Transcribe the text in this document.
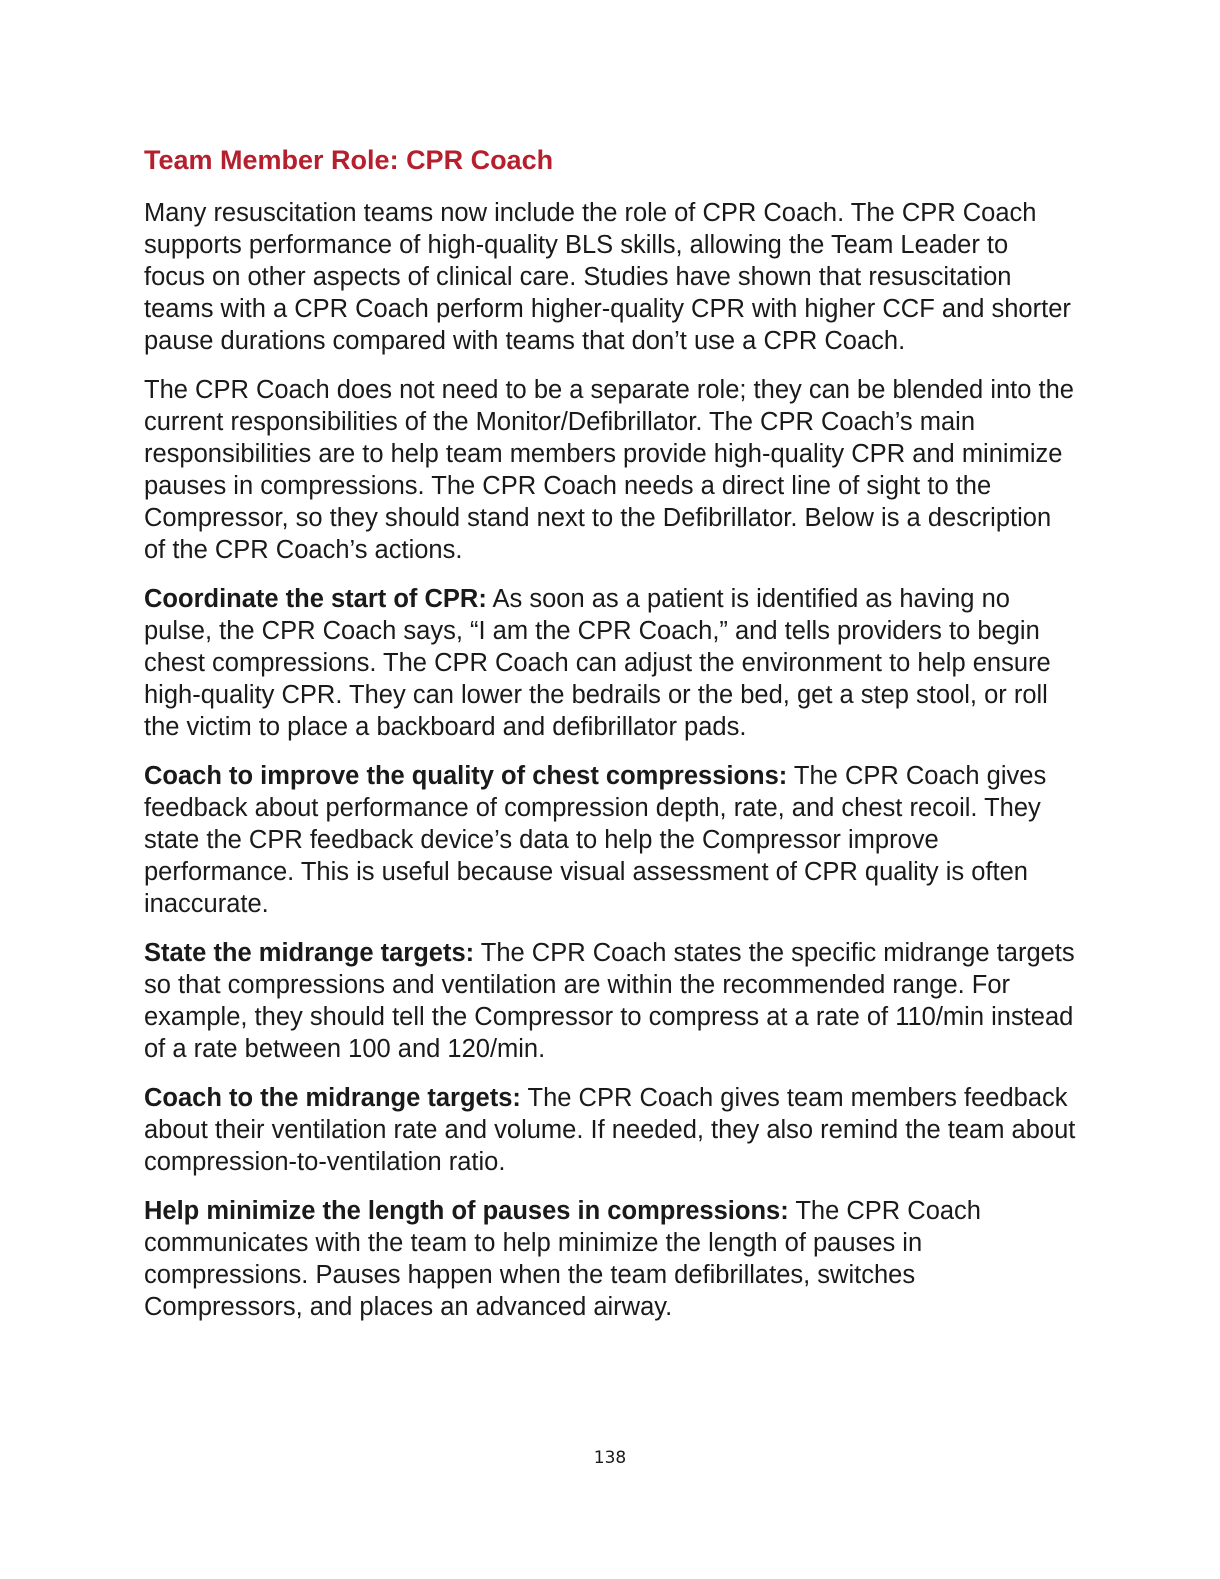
Team Member Role: CPR Coach

Many resuscitation teams now include the role of CPR Coach. The CPR Coach supports performance of high-quality BLS skills, allowing the Team Leader to focus on other aspects of clinical care. Studies have shown that resuscitation teams with a CPR Coach perform higher-quality CPR with higher CCF and shorter pause durations compared with teams that don’t use a CPR Coach.

The CPR Coach does not need to be a separate role; they can be blended into the current responsibilities of the Monitor/Defibrillator. The CPR Coach’s main responsibilities are to help team members provide high-quality CPR and minimize pauses in compressions. The CPR Coach needs a direct line of sight to the Compressor, so they should stand next to the Defibrillator. Below is a description of the CPR Coach’s actions.

Coordinate the start of CPR: As soon as a patient is identified as having no pulse, the CPR Coach says, “I am the CPR Coach,” and tells providers to begin chest compressions. The CPR Coach can adjust the environment to help ensure high-quality CPR. They can lower the bedrails or the bed, get a step stool, or roll the victim to place a backboard and defibrillator pads.

Coach to improve the quality of chest compressions: The CPR Coach gives feedback about performance of compression depth, rate, and chest recoil. They state the CPR feedback device’s data to help the Compressor improve performance. This is useful because visual assessment of CPR quality is often inaccurate.

State the midrange targets: The CPR Coach states the specific midrange targets so that compressions and ventilation are within the recommended range. For example, they should tell the Compressor to compress at a rate of 110/min instead of a rate between 100 and 120/min.

Coach to the midrange targets: The CPR Coach gives team members feedback about their ventilation rate and volume. If needed, they also remind the team about compression-to-ventilation ratio.

Help minimize the length of pauses in compressions: The CPR Coach communicates with the team to help minimize the length of pauses in compressions. Pauses happen when the team defibrillates, switches Compressors, and places an advanced airway.

138
